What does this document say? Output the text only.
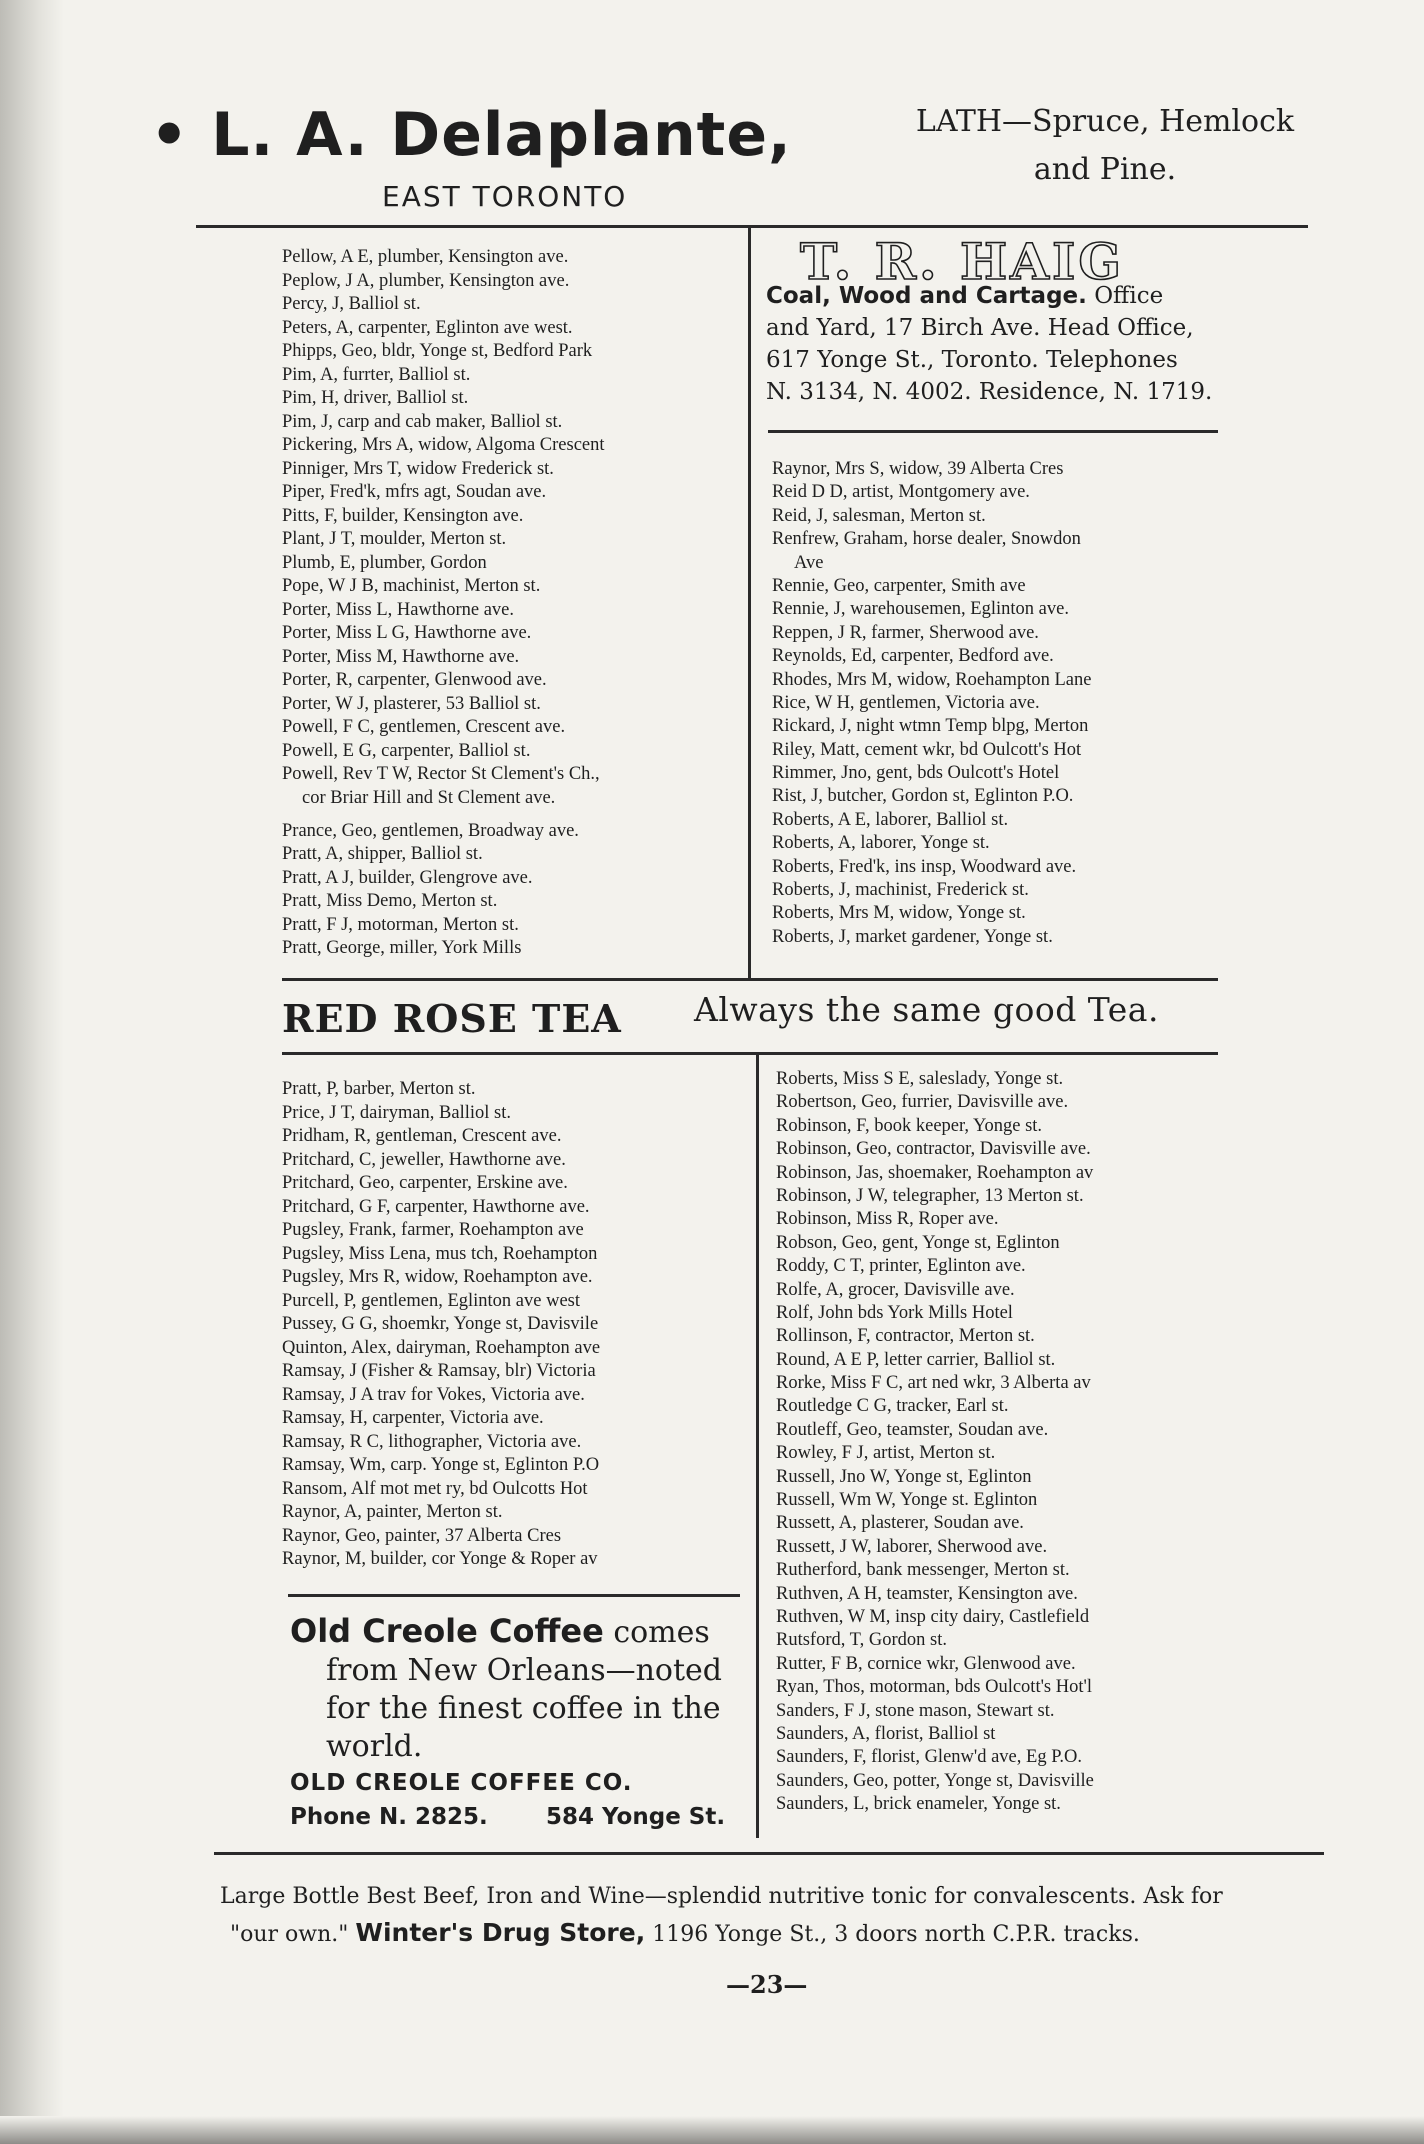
• L. A. Delaplante,
EAST TORONTO
LATH—Spruce, Hemlock
and Pine.
Pellow, A E, plumber, Kensington ave.
Peplow, J A, plumber, Kensington ave.
Percy, J, Balliol st.
Peters, A, carpenter, Eglinton ave west.
Phipps, Geo, bldr, Yonge st, Bedford Park
Pim, A, furrter, Balliol st.
Pim, H, driver, Balliol st.
Pim, J, carp and cab maker, Balliol st.
Pickering, Mrs A, widow, Algoma Crescent
Pinniger, Mrs T, widow Frederick st.
Piper, Fred'k, mfrs agt, Soudan ave.
Pitts, F, builder, Kensington ave.
Plant, J T, moulder, Merton st.
Plumb, E, plumber, Gordon
Pope, W J B, machinist, Merton st.
Porter, Miss L, Hawthorne ave.
Porter, Miss L G, Hawthorne ave.
Porter, Miss M, Hawthorne ave.
Porter, R, carpenter, Glenwood ave.
Porter, W J, plasterer, 53 Balliol st.
Powell, F C, gentlemen, Crescent ave.
Powell, E G, carpenter, Balliol st.
Powell, Rev T W, Rector St Clement's Ch.,
cor Briar Hill and St Clement ave.
Prance, Geo, gentlemen, Broadway ave.
Pratt, A, shipper, Balliol st.
Pratt, A J, builder, Glengrove ave.
Pratt, Miss Demo, Merton st.
Pratt, F J, motorman, Merton st.
Pratt, George, miller, York Mills
T. R. HAIG
Coal, Wood and Cartage. Office
and Yard, 17 Birch Ave. Head Office,
617 Yonge St., Toronto. Telephones
N. 3134, N. 4002. Residence, N. 1719.
Raynor, Mrs S, widow, 39 Alberta Cres
Reid D D, artist, Montgomery ave.
Reid, J, salesman, Merton st.
Renfrew, Graham, horse dealer, Snowdon
Ave
Rennie, Geo, carpenter, Smith ave
Rennie, J, warehousemen, Eglinton ave.
Reppen, J R, farmer, Sherwood ave.
Reynolds, Ed, carpenter, Bedford ave.
Rhodes, Mrs M, widow, Roehampton Lane
Rice, W H, gentlemen, Victoria ave.
Rickard, J, night wtmn Temp blpg, Merton
Riley, Matt, cement wkr, bd Oulcott's Hot
Rimmer, Jno, gent, bds Oulcott's Hotel
Rist, J, butcher, Gordon st, Eglinton P.O.
Roberts, A E, laborer, Balliol st.
Roberts, A, laborer, Yonge st.
Roberts, Fred'k, ins insp, Woodward ave.
Roberts, J, machinist, Frederick st.
Roberts, Mrs M, widow, Yonge st.
Roberts, J, market gardener, Yonge st.
RED ROSE TEA Always the same good Tea.
Pratt, P, barber, Merton st.
Price, J T, dairyman, Balliol st.
Pridham, R, gentleman, Crescent ave.
Pritchard, C, jeweller, Hawthorne ave.
Pritchard, Geo, carpenter, Erskine ave.
Pritchard, G F, carpenter, Hawthorne ave.
Pugsley, Frank, farmer, Roehampton ave
Pugsley, Miss Lena, mus tch, Roehampton
Pugsley, Mrs R, widow, Roehampton ave.
Purcell, P, gentlemen, Eglinton ave west
Pussey, G G, shoemkr, Yonge st, Davisvile
Quinton, Alex, dairyman, Roehampton ave
Ramsay, J (Fisher & Ramsay, blr) Victoria
Ramsay, J A trav for Vokes, Victoria ave.
Ramsay, H, carpenter, Victoria ave.
Ramsay, R C, lithographer, Victoria ave.
Ramsay, Wm, carp. Yonge st, Eglinton P.O
Ransom, Alf mot met ry, bd Oulcotts Hot
Raynor, A, painter, Merton st.
Raynor, Geo, painter, 37 Alberta Cres
Raynor, M, builder, cor Yonge & Roper av
Old Creole Coffee comes
from New Orleans—noted
for the finest coffee in the
world.
OLD CREOLE COFFEE CO.
Phone N. 2825.	584 Yonge St.
Roberts, Miss S E, saleslady, Yonge st.
Robertson, Geo, furrier, Davisville ave.
Robinson, F, book keeper, Yonge st.
Robinson, Geo, contractor, Davisville ave.
Robinson, Jas, shoemaker, Roehampton av
Robinson, J W, telegrapher, 13 Merton st.
Robinson, Miss R, Roper ave.
Robson, Geo, gent, Yonge st, Eglinton
Roddy, C T, printer, Eglinton ave.
Rolfe, A, grocer, Davisville ave.
Rolf, John bds York Mills Hotel
Rollinson, F, contractor, Merton st.
Round, A E P, letter carrier, Balliol st.
Rorke, Miss F C, art ned wkr, 3 Alberta av
Routledge C G, tracker, Earl st.
Routleff, Geo, teamster, Soudan ave.
Rowley, F J, artist, Merton st.
Russell, Jno W, Yonge st, Eglinton
Russell, Wm W, Yonge st. Eglinton
Russett, A, plasterer, Soudan ave.
Russett, J W, laborer, Sherwood ave.
Rutherford, bank messenger, Merton st.
Ruthven, A H, teamster, Kensington ave.
Ruthven, W M, insp city dairy, Castlefield
Rutsford, T, Gordon st.
Rutter, F B, cornice wkr, Glenwood ave.
Ryan, Thos, motorman, bds Oulcott's Hot'l
Sanders, F J, stone mason, Stewart st.
Saunders, A, florist, Balliol st
Saunders, F, florist, Glenw'd ave, Eg P.O.
Saunders, Geo, potter, Yonge st, Davisville
Saunders, L, brick enameler, Yonge st.
Large Bottle Best Beef, Iron and Wine—splendid nutritive tonic for convalescents. Ask for
"our own." Winter's Drug Store, 1196 Yonge St., 3 doors north C.P.R. tracks.
—23—
